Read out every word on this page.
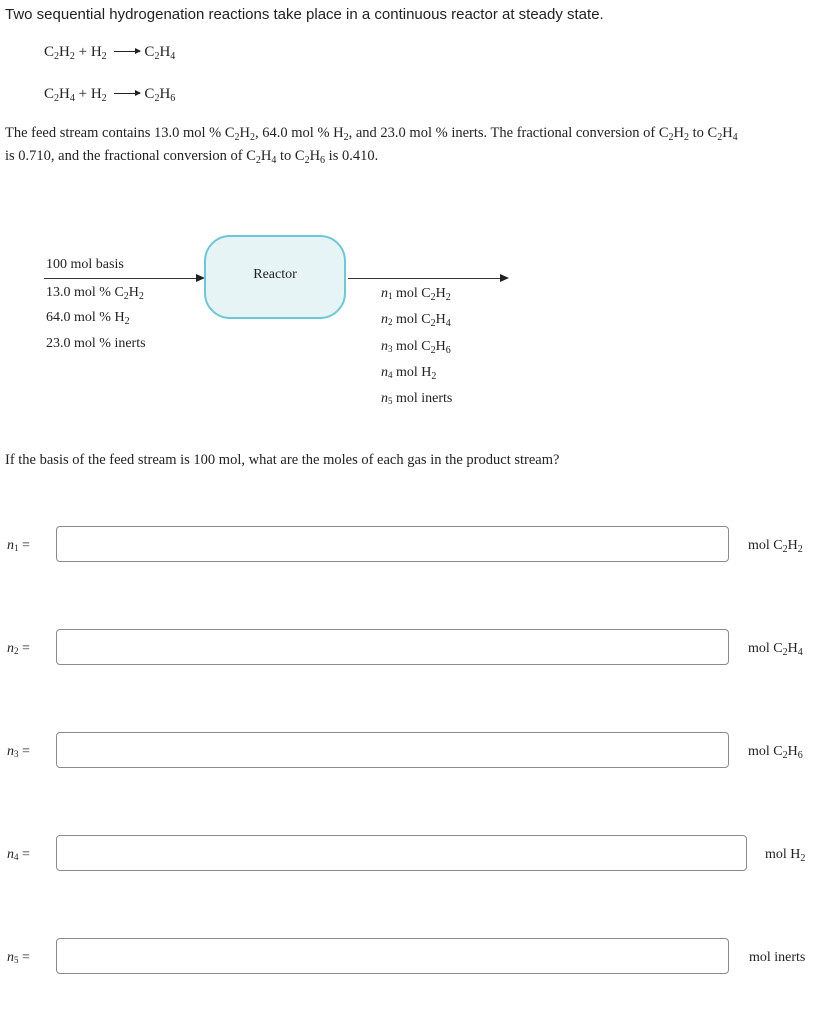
Two sequential hydrogenation reactions take place in a continuous reactor at steady state.
$C_2H_2 + H_2 \to C_2H_4$
$C_2H_4 + H_2 \to C_2H_6$
The feed stream contains 13.0 mol % $C_2H_2$, 64.0 mol % $H_2$, and 23.0 mol % inerts. The fractional conversion of $C_2H_2$ to $C_2H_4$
is 0.710, and the fractional conversion of $C_2H_4$ to $C_2H_6$ is 0.410.
Reactor
100 mol basis
13.0 mol % $C_2H_2$
64.0 mol % $H_2$
23.0 mol % inerts
n1 mol $C_2H_2$
n2 mol $C_2H_4$
n3 mol $C_2H_6$
n4 mol $H_2$
n5 mol inerts
If the basis of the feed stream is 100 mol, what are the moles of each gas in the product stream?
n1 =	mol $C_2H_2$
n2 =	mol $C_2H_4$
n3 =	mol $C_2H_6$
n4 =	mol $H_2$
n5 =	mol inerts
